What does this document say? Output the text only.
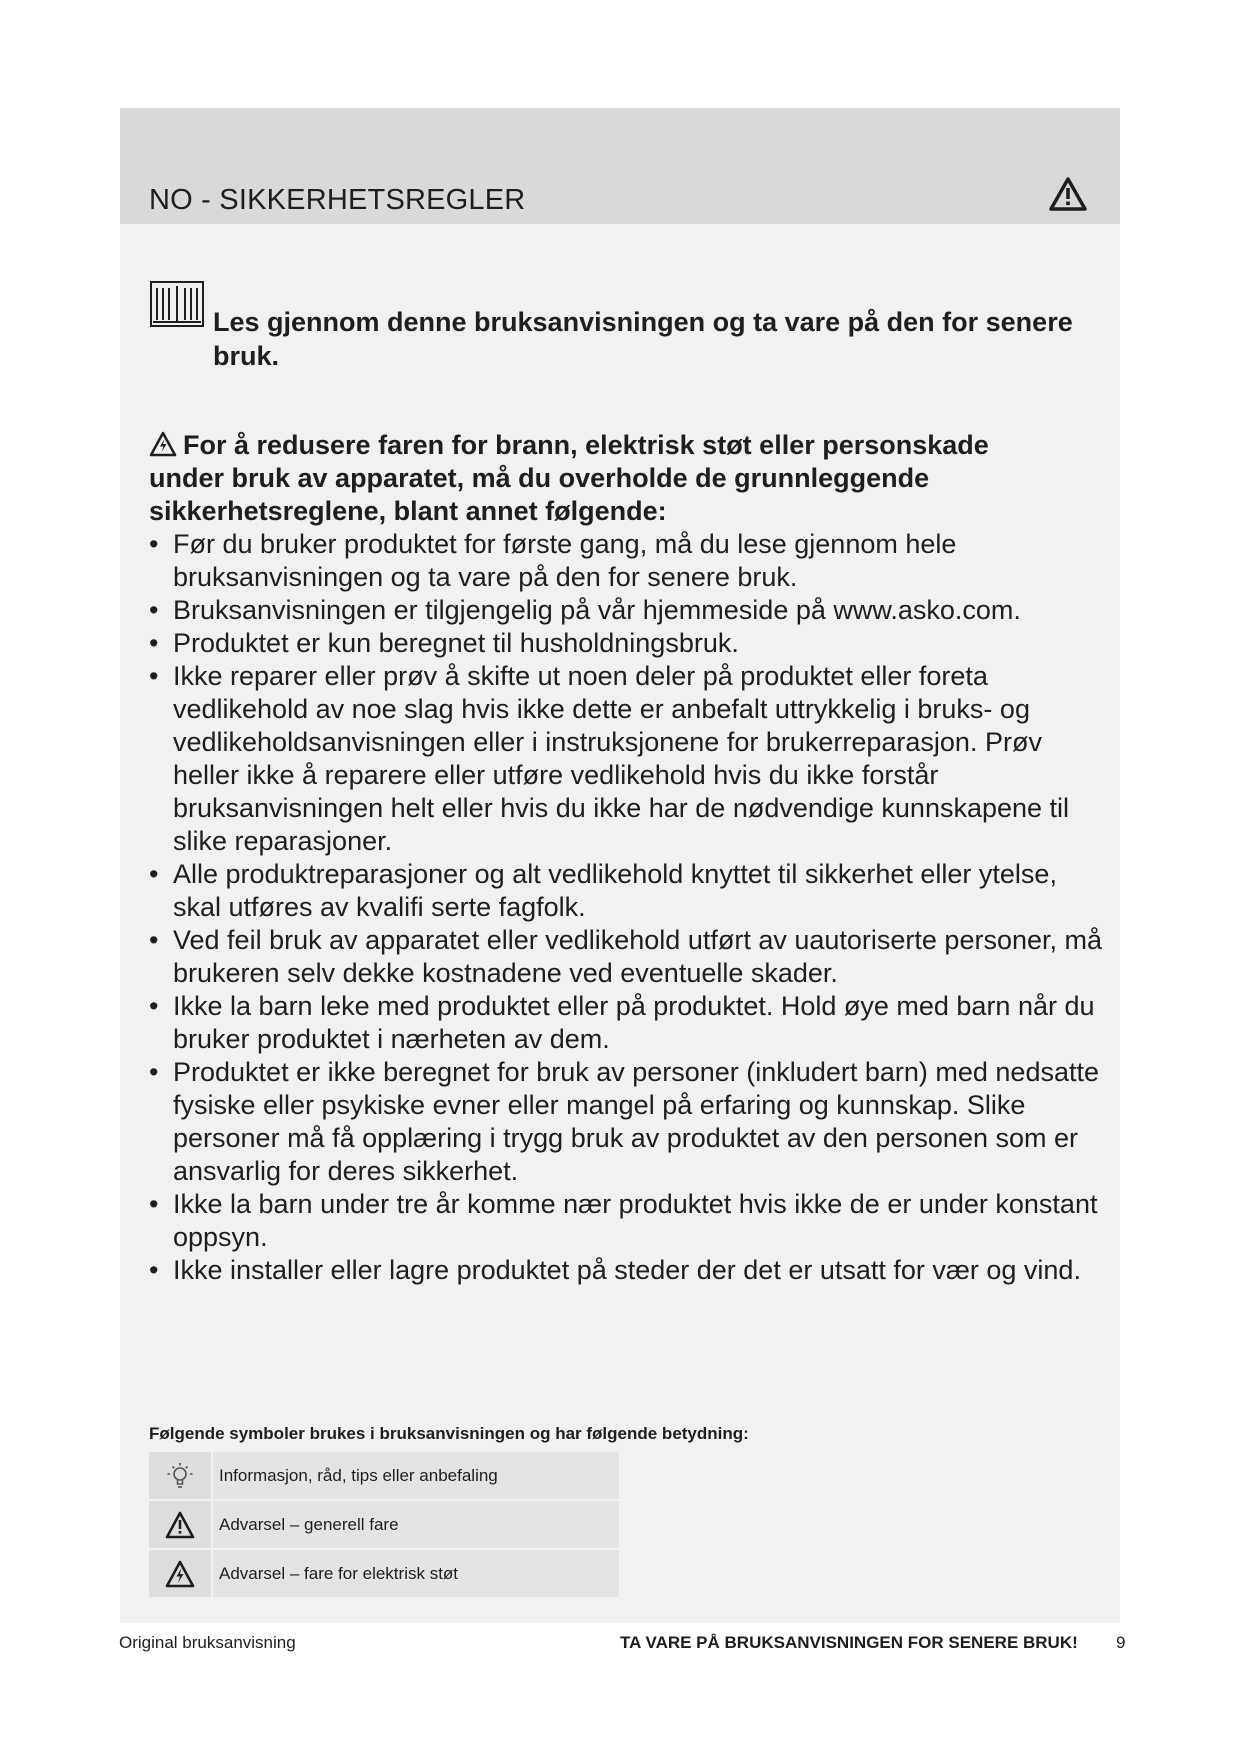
NO - SIKKERHETSREGLER
Les gjennom denne bruksanvisningen og ta vare på den for senere bruk.
For å redusere faren for brann, elektrisk støt eller personskade under bruk av apparatet, må du overholde de grunnleggende sikkerhetsreglene, blant annet følgende:
• Før du bruker produktet for første gang, må du lese gjennom hele bruksanvisningen og ta vare på den for senere bruk.
• Bruksanvisningen er tilgjengelig på vår hjemmeside på www.asko.com.
• Produktet er kun beregnet til husholdningsbruk.
• Ikke reparer eller prøv å skifte ut noen deler på produktet eller foreta vedlikehold av noe slag hvis ikke dette er anbefalt uttrykkelig i bruks- og vedlikeholdsanvisningen eller i instruksjonene for brukerreparasjon. Prøv heller ikke å reparere eller utføre vedlikehold hvis du ikke forstår bruksanvisningen helt eller hvis du ikke har de nødvendige kunnskapene til slike reparasjoner.
• Alle produktreparasjoner og alt vedlikehold knyttet til sikkerhet eller ytelse, skal utføres av kvalifi serte fagfolk.
• Ved feil bruk av apparatet eller vedlikehold utført av uautoriserte personer, må brukeren selv dekke kostnadene ved eventuelle skader.
• Ikke la barn leke med produktet eller på produktet. Hold øye med barn når du bruker produktet i nærheten av dem.
• Produktet er ikke beregnet for bruk av personer (inkludert barn) med nedsatte fysiske eller psykiske evner eller mangel på erfaring og kunnskap. Slike personer må få opplæring i trygg bruk av produktet av den personen som er ansvarlig for deres sikkerhet.
• Ikke la barn under tre år komme nær produktet hvis ikke de er under konstant oppsyn.
• Ikke installer eller lagre produktet på steder der det er utsatt for vær og vind.
Følgende symboler brukes i bruksanvisningen og har følgende betydning:
Informasjon, råd, tips eller anbefaling
Advarsel – generell fare
Advarsel – fare for elektrisk støt
Original bruksanvisning	TA VARE PÅ BRUKSANVISNINGEN FOR SENERE BRUK! 9
